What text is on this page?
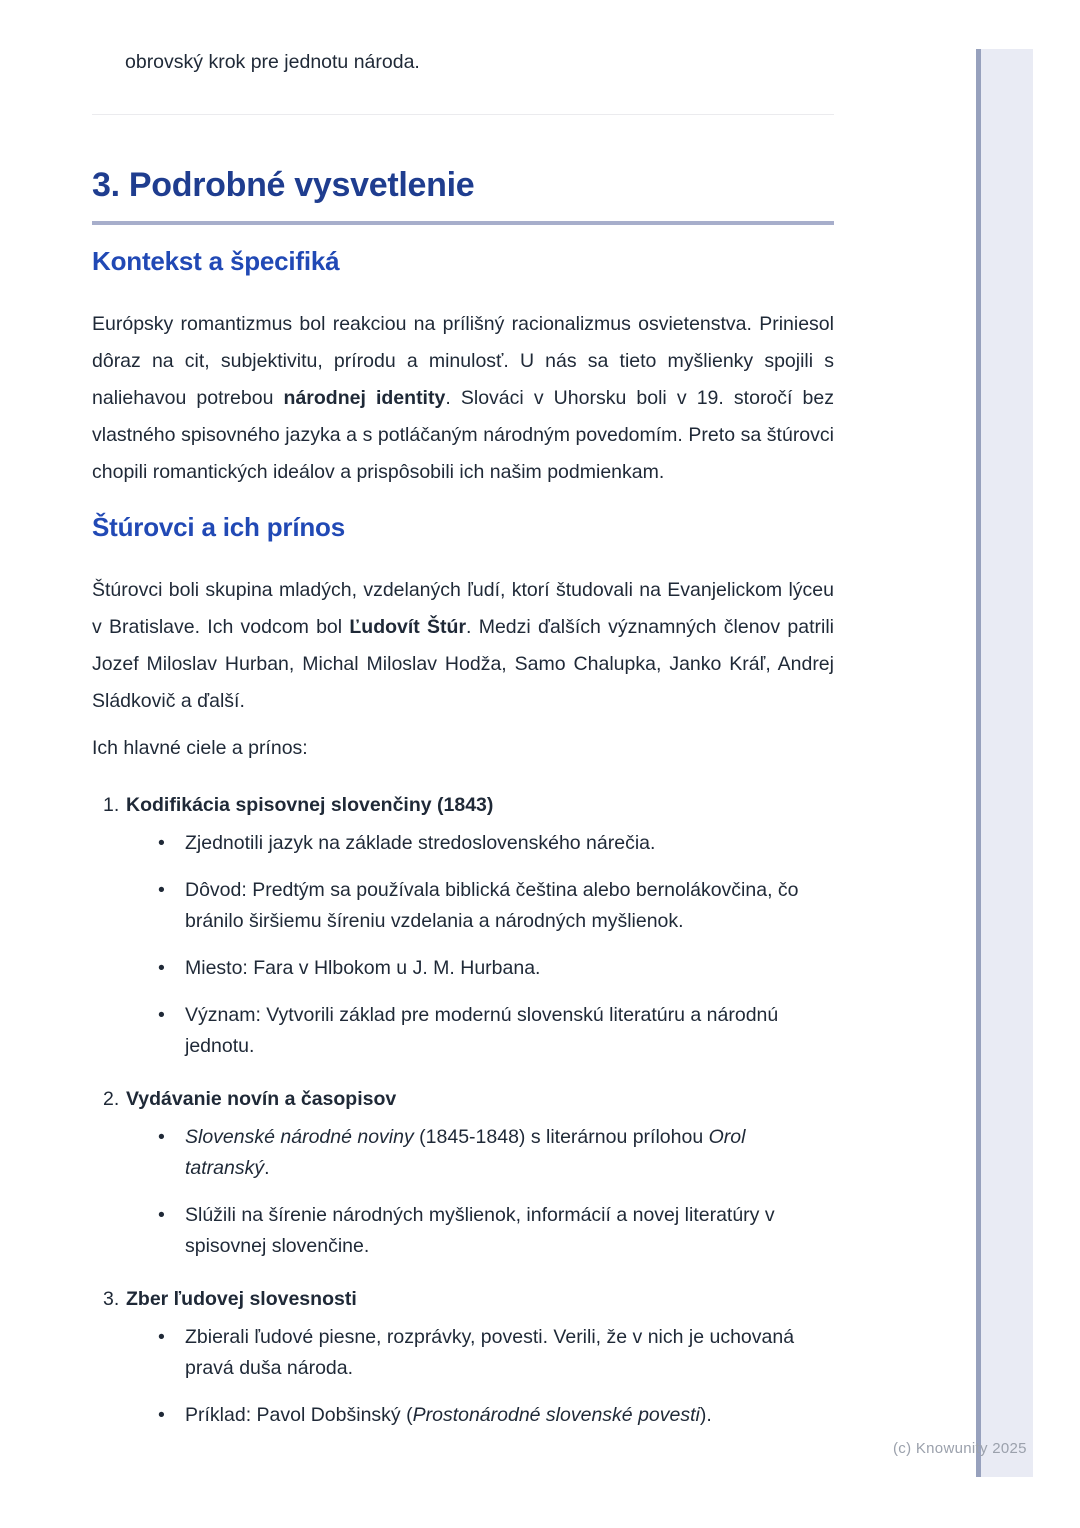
(c) Knowunity 2025
obrovský krok pre jednotu národa.
3. Podrobné vysvetlenie
Kontekst a špecifiká

Európsky romantizmus bol reakciou na prílišný racionalizmus osvietenstva. Priniesol dôraz na cit, subjektivitu, prírodu a minulosť. U nás sa tieto myšlienky spojili s naliehavou potrebou národnej identity. Slováci v Uhorsku boli v 19. storočí bez vlastného spisovného jazyka a s potláčaným národným povedomím. Preto sa štúrovci chopili romantických ideálov a prispôsobili ich našim podmienkam.

Štúrovci a ich prínos

Štúrovci boli skupina mladých, vzdelaných ľudí, ktorí študovali na Evanjelickom lýceu v Bratislave. Ich vodcom bol Ľudovít Štúr. Medzi ďalších významných členov patrili Jozef Miloslav Hurban, Michal Miloslav Hodža, Samo Chalupka, Janko Kráľ, Andrej Sládkovič a ďalší.

Ich hlavné ciele a prínos:
1. Kodifikácia spisovnej slovenčiny (1843)
• Zjednotili jazyk na základe stredoslovenského nárečia.
• Dôvod: Predtým sa používala biblická čeština alebo bernolákovčina, čo bránilo širšiemu šíreniu vzdelania a národných myšlienok.
• Miesto: Fara v Hlbokom u J. M. Hurbana.
• Význam: Vytvorili základ pre modernú slovenskú literatúru a národnú jednotu.
2. Vydávanie novín a časopisov
• Slovenské národné noviny (1845-1848) s literárnou prílohou Orol tatranský.
• Slúžili na šírenie národných myšlienok, informácií a novej literatúry v spisovnej slovenčine.
3. Zber ľudovej slovesnosti
• Zbierali ľudové piesne, rozprávky, povesti. Verili, že v nich je uchovaná pravá duša národa.
• Príklad: Pavol Dobšinský (Prostonárodné slovenské povesti).
